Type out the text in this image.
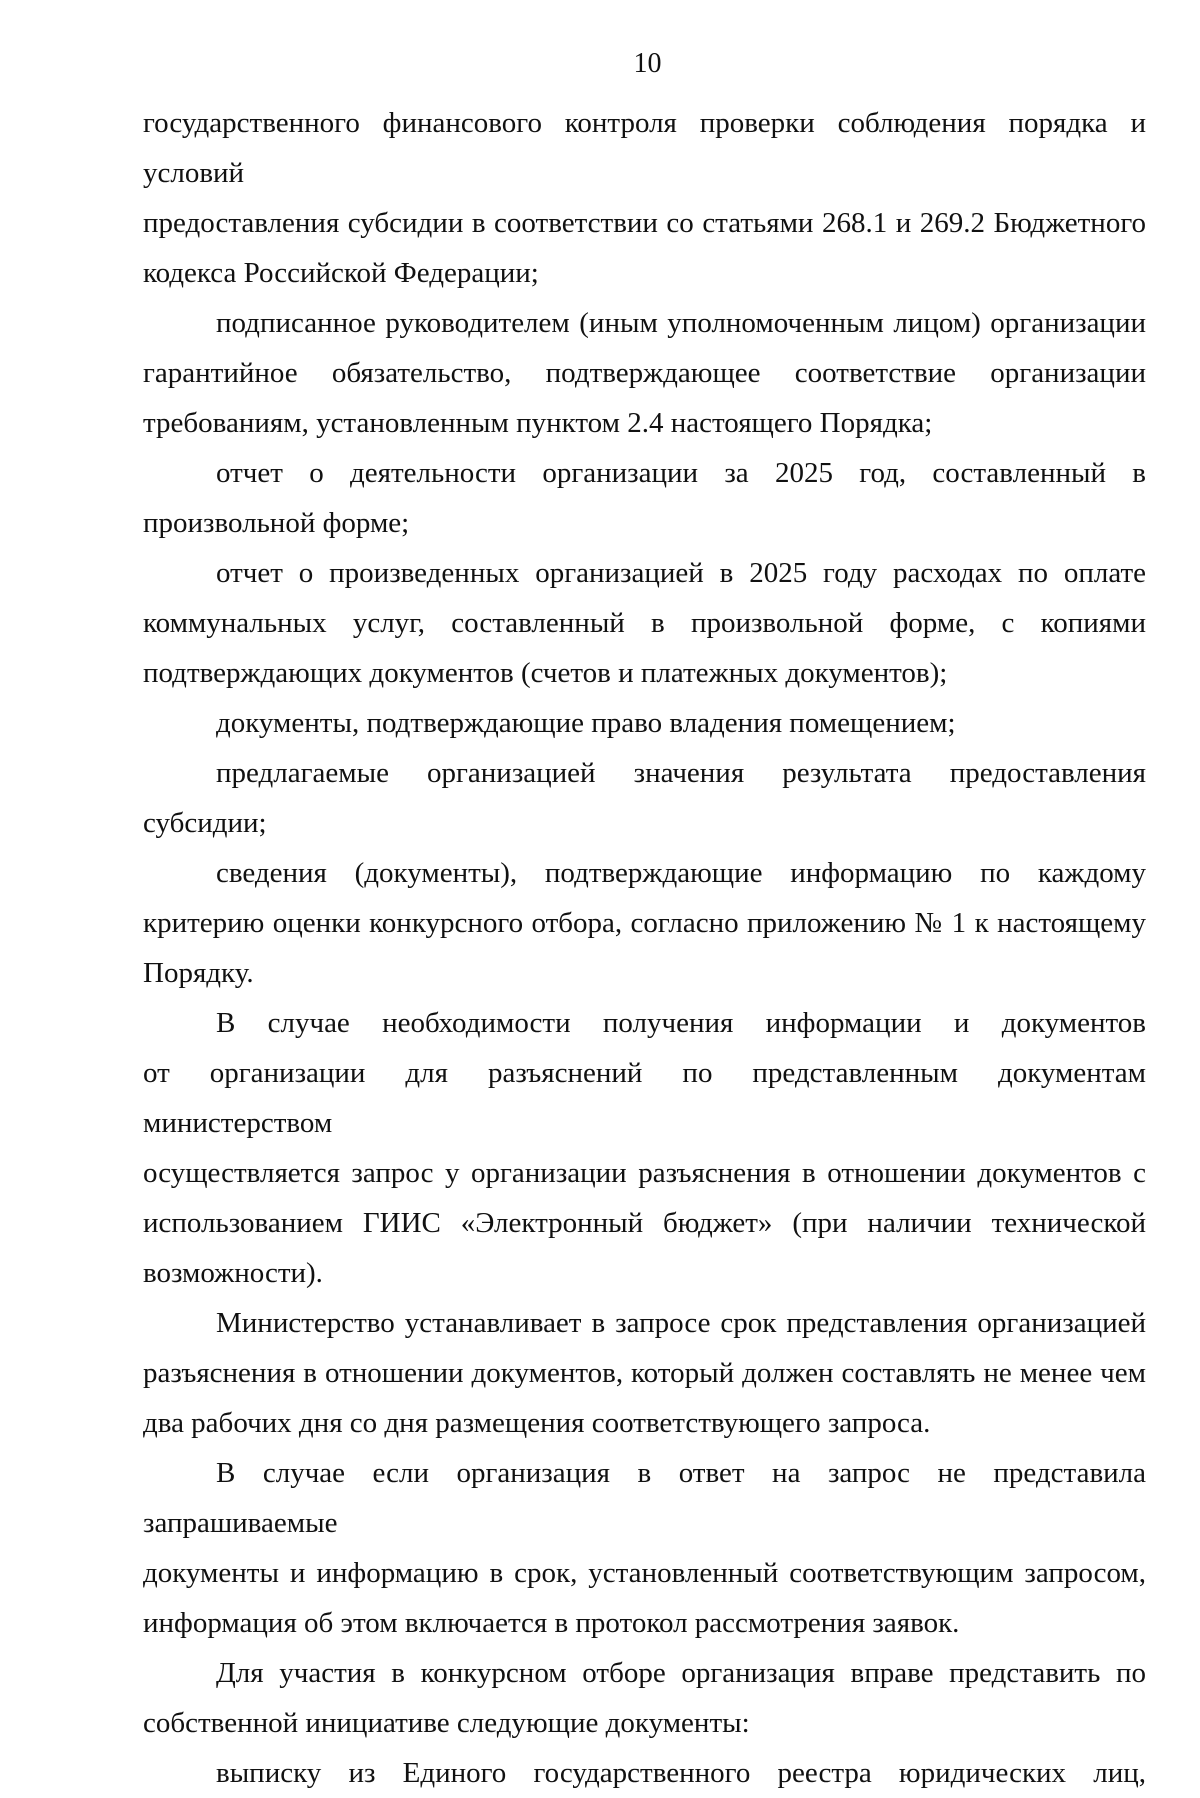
10
государственного финансового контроля проверки соблюдения порядка и условий
предоставления субсидии в соответствии со статьями 268.1 и 269.2 Бюджетного
кодекса Российской Федерации;
подписанное руководителем (иным уполномоченным лицом) организации
гарантийное обязательство, подтверждающее соответствие организации
требованиям, установленным пунктом 2.4 настоящего Порядка;
отчет о деятельности организации за 2025 год, составленный в
произвольной форме;
отчет о произведенных организацией в 2025 году расходах по оплате
коммунальных услуг, составленный в произвольной форме, с копиями
подтверждающих документов (счетов и платежных документов);
документы, подтверждающие право владения помещением;
предлагаемые организацией значения результата предоставления субсидии;
сведения (документы), подтверждающие информацию по каждому
критерию оценки конкурсного отбора, согласно приложению № 1 к настоящему
Порядку.
В случае необходимости получения информации и документов
от организации для разъяснений по представленным документам министерством
осуществляется запрос у организации разъяснения в отношении документов с
использованием ГИИС «Электронный бюджет» (при наличии технической
возможности).
Министерство устанавливает в запросе срок представления организацией
разъяснения в отношении документов, который должен составлять не менее чем
два рабочих дня со дня размещения соответствующего запроса.
В случае если организация в ответ на запрос не представила запрашиваемые
документы и информацию в срок, установленный соответствующим запросом,
информация об этом включается в протокол рассмотрения заявок.
Для участия в конкурсном отборе организация вправе представить по
собственной инициативе следующие документы:
выписку из Единого государственного реестра юридических лиц,
